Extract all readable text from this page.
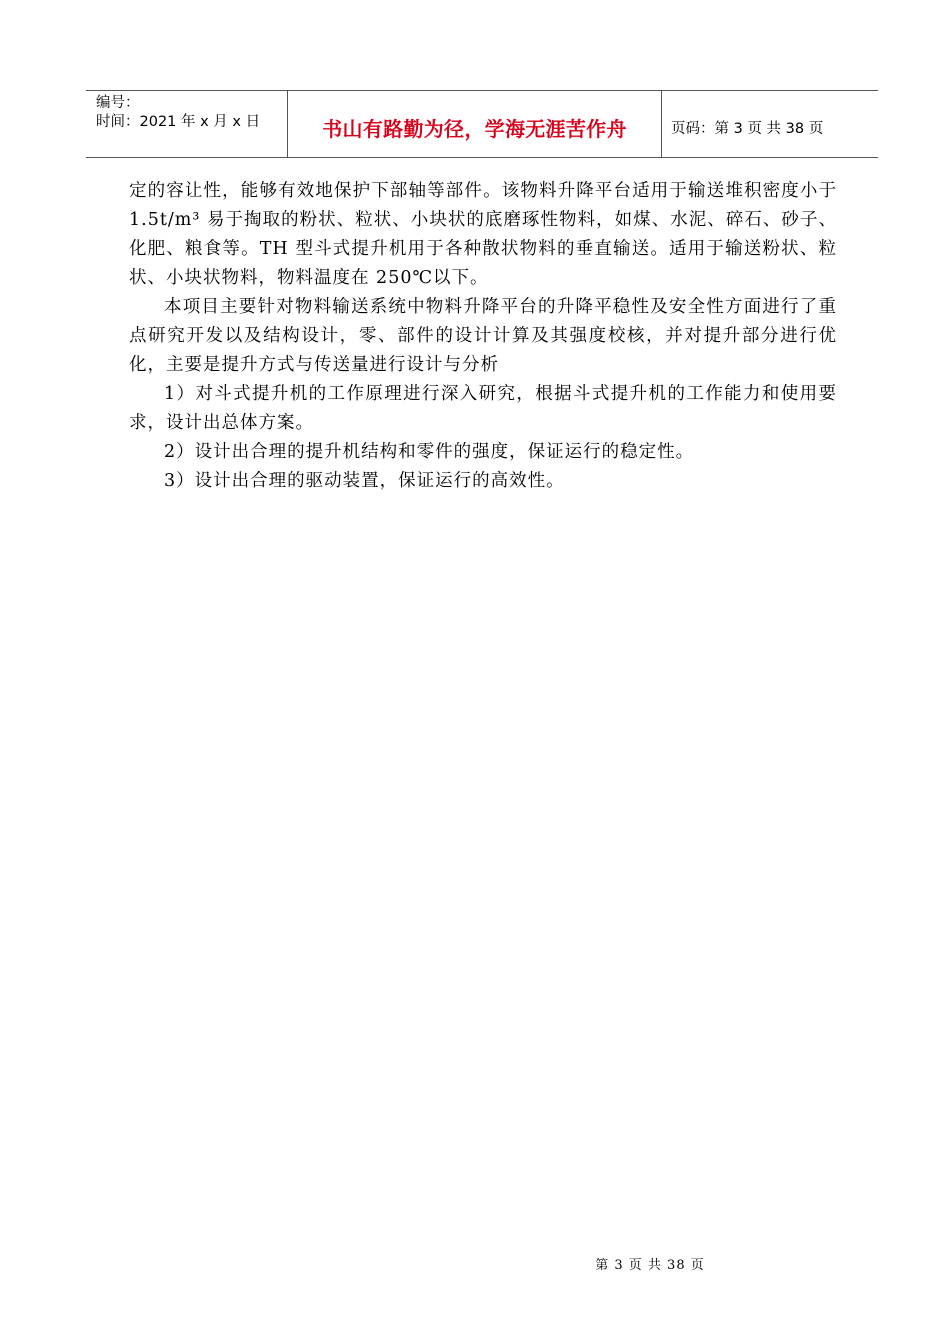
编号：
时间：2021 年 x 月 x 日	书山有路勤为径，学海无涯苦作舟	页码：第 3 页 共 38 页

定的容让性，能够有效地保护下部轴等部件。该物料升降平台适用于输送堆积密度小于 1.5t/m³ 易于掏取的粉状、粒状、小块状的底磨琢性物料，如煤、水泥、碎石、砂子、化肥、粮食等。TH 型斗式提升机用于各种散状物料的垂直输送。适用于输送粉状、粒状、小块状物料，物料温度在 250℃以下。

本项目主要针对物料输送系统中物料升降平台的升降平稳性及安全性方面进行了重点研究开发以及结构设计，零、部件的设计计算及其强度校核，并对提升部分进行优化，主要是提升方式与传送量进行设计与分析

1）对斗式提升机的工作原理进行深入研究，根据斗式提升机的工作能力和使用要求，设计出总体方案。

2）设计出合理的提升机结构和零件的强度，保证运行的稳定性。

3）设计出合理的驱动装置，保证运行的高效性。

第 3 页 共 38 页
